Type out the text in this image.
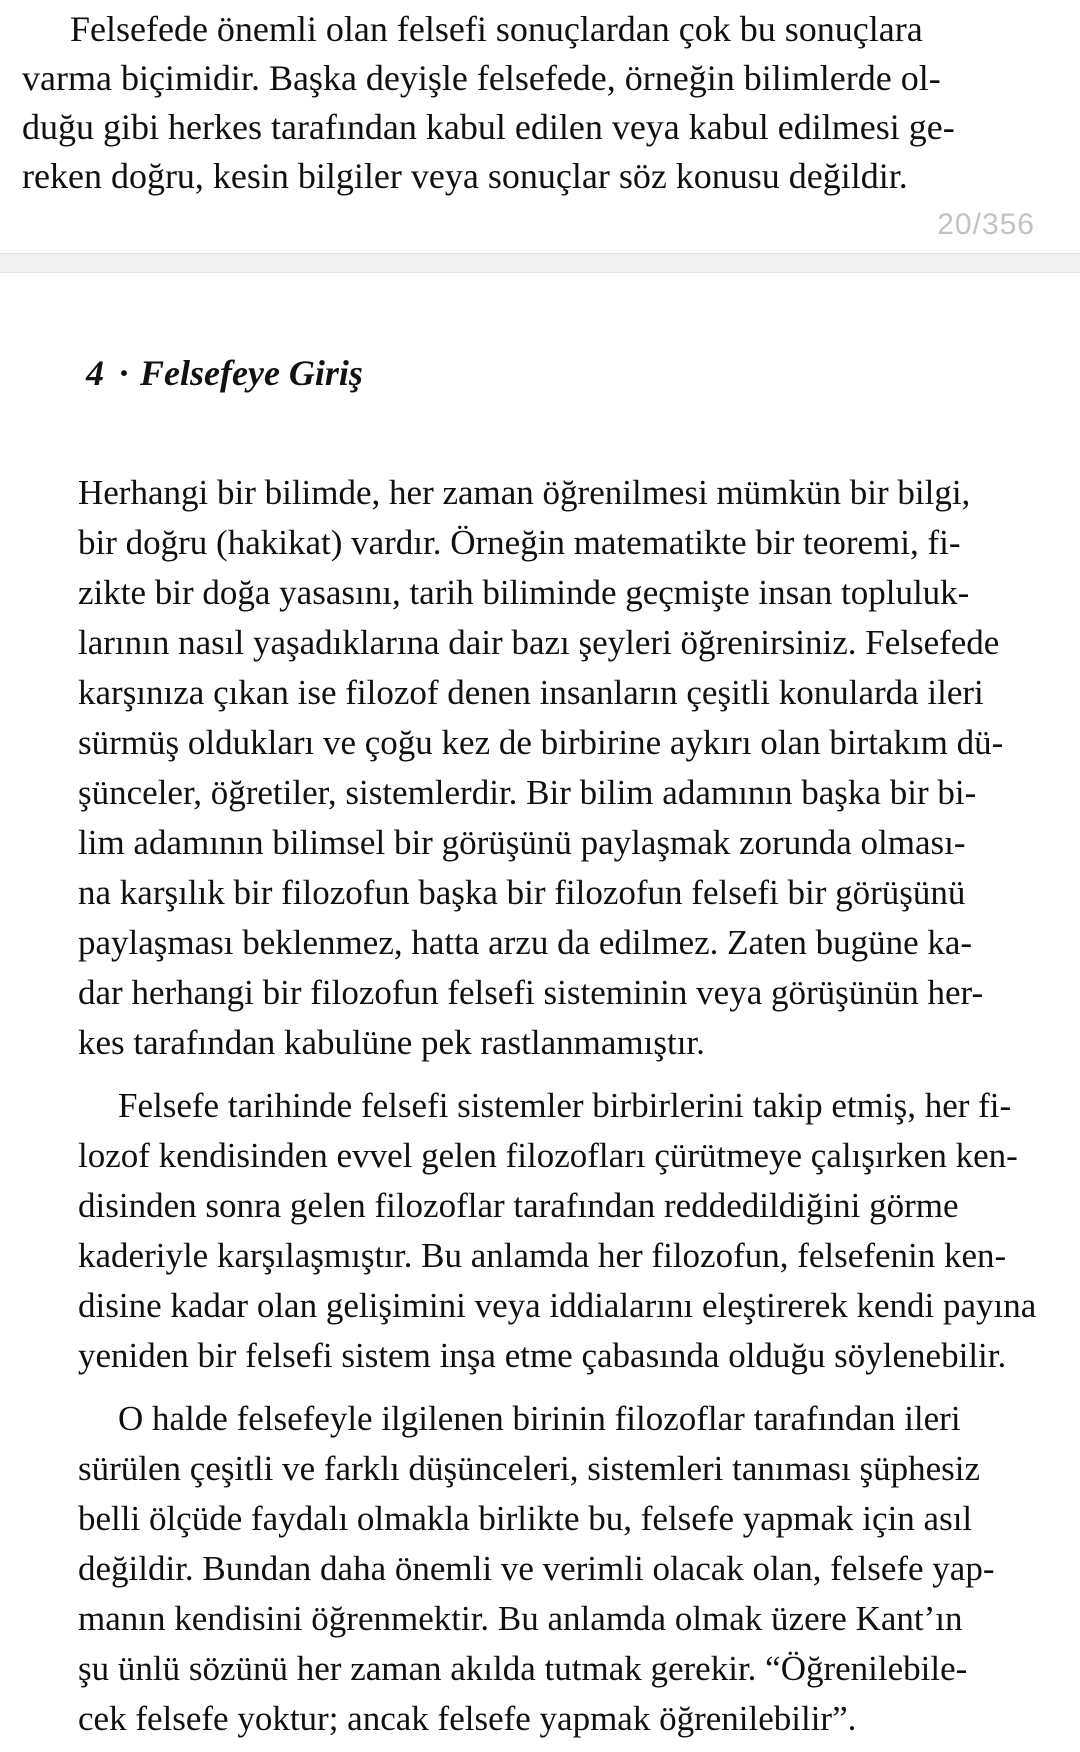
Felsefede önemli olan felsefi sonuçlardan çok bu sonuçlara
varma biçimidir. Başka deyişle felsefede, örneğin bilimlerde ol-
duğu gibi herkes tarafından kabul edilen veya kabul edilmesi ge-
reken doğru, kesin bilgiler veya sonuçlar söz konusu değildir.
20/356
4 · Felsefeye Giriş
Herhangi bir bilimde, her zaman öğrenilmesi mümkün bir bilgi,
bir doğru (hakikat) vardır. Örneğin matematikte bir teoremi, fi-
zikte bir doğa yasasını, tarih biliminde geçmişte insan topluluk-
larının nasıl yaşadıklarına dair bazı şeyleri öğrenirsiniz. Felsefede
karşınıza çıkan ise filozof denen insanların çeşitli konularda ileri
sürmüş oldukları ve çoğu kez de birbirine aykırı olan birtakım dü-
şünceler, öğretiler, sistemlerdir. Bir bilim adamının başka bir bi-
lim adamının bilimsel bir görüşünü paylaşmak zorunda olması-
na karşılık bir filozofun başka bir filozofun felsefi bir görüşünü
paylaşması beklenmez, hatta arzu da edilmez. Zaten bugüne ka-
dar herhangi bir filozofun felsefi sisteminin veya görüşünün her-
kes tarafından kabulüne pek rastlanmamıştır.
Felsefe tarihinde felsefi sistemler birbirlerini takip etmiş, her fi-
lozof kendisinden evvel gelen filozofları çürütmeye çalışırken ken-
disinden sonra gelen filozoflar tarafından reddedildiğini görme
kaderiyle karşılaşmıştır. Bu anlamda her filozofun, felsefenin ken-
disine kadar olan gelişimini veya iddialarını eleştirerek kendi payına
yeniden bir felsefi sistem inşa etme çabasında olduğu söylenebilir.
O halde felsefeyle ilgilenen birinin filozoflar tarafından ileri
sürülen çeşitli ve farklı düşünceleri, sistemleri tanıması şüphesiz
belli ölçüde faydalı olmakla birlikte bu, felsefe yapmak için asıl
değildir. Bundan daha önemli ve verimli olacak olan, felsefe yap-
manın kendisini öğrenmektir. Bu anlamda olmak üzere Kant’ın
şu ünlü sözünü her zaman akılda tutmak gerekir. “Öğrenilebile-
cek felsefe yoktur; ancak felsefe yapmak öğrenilebilir”.
